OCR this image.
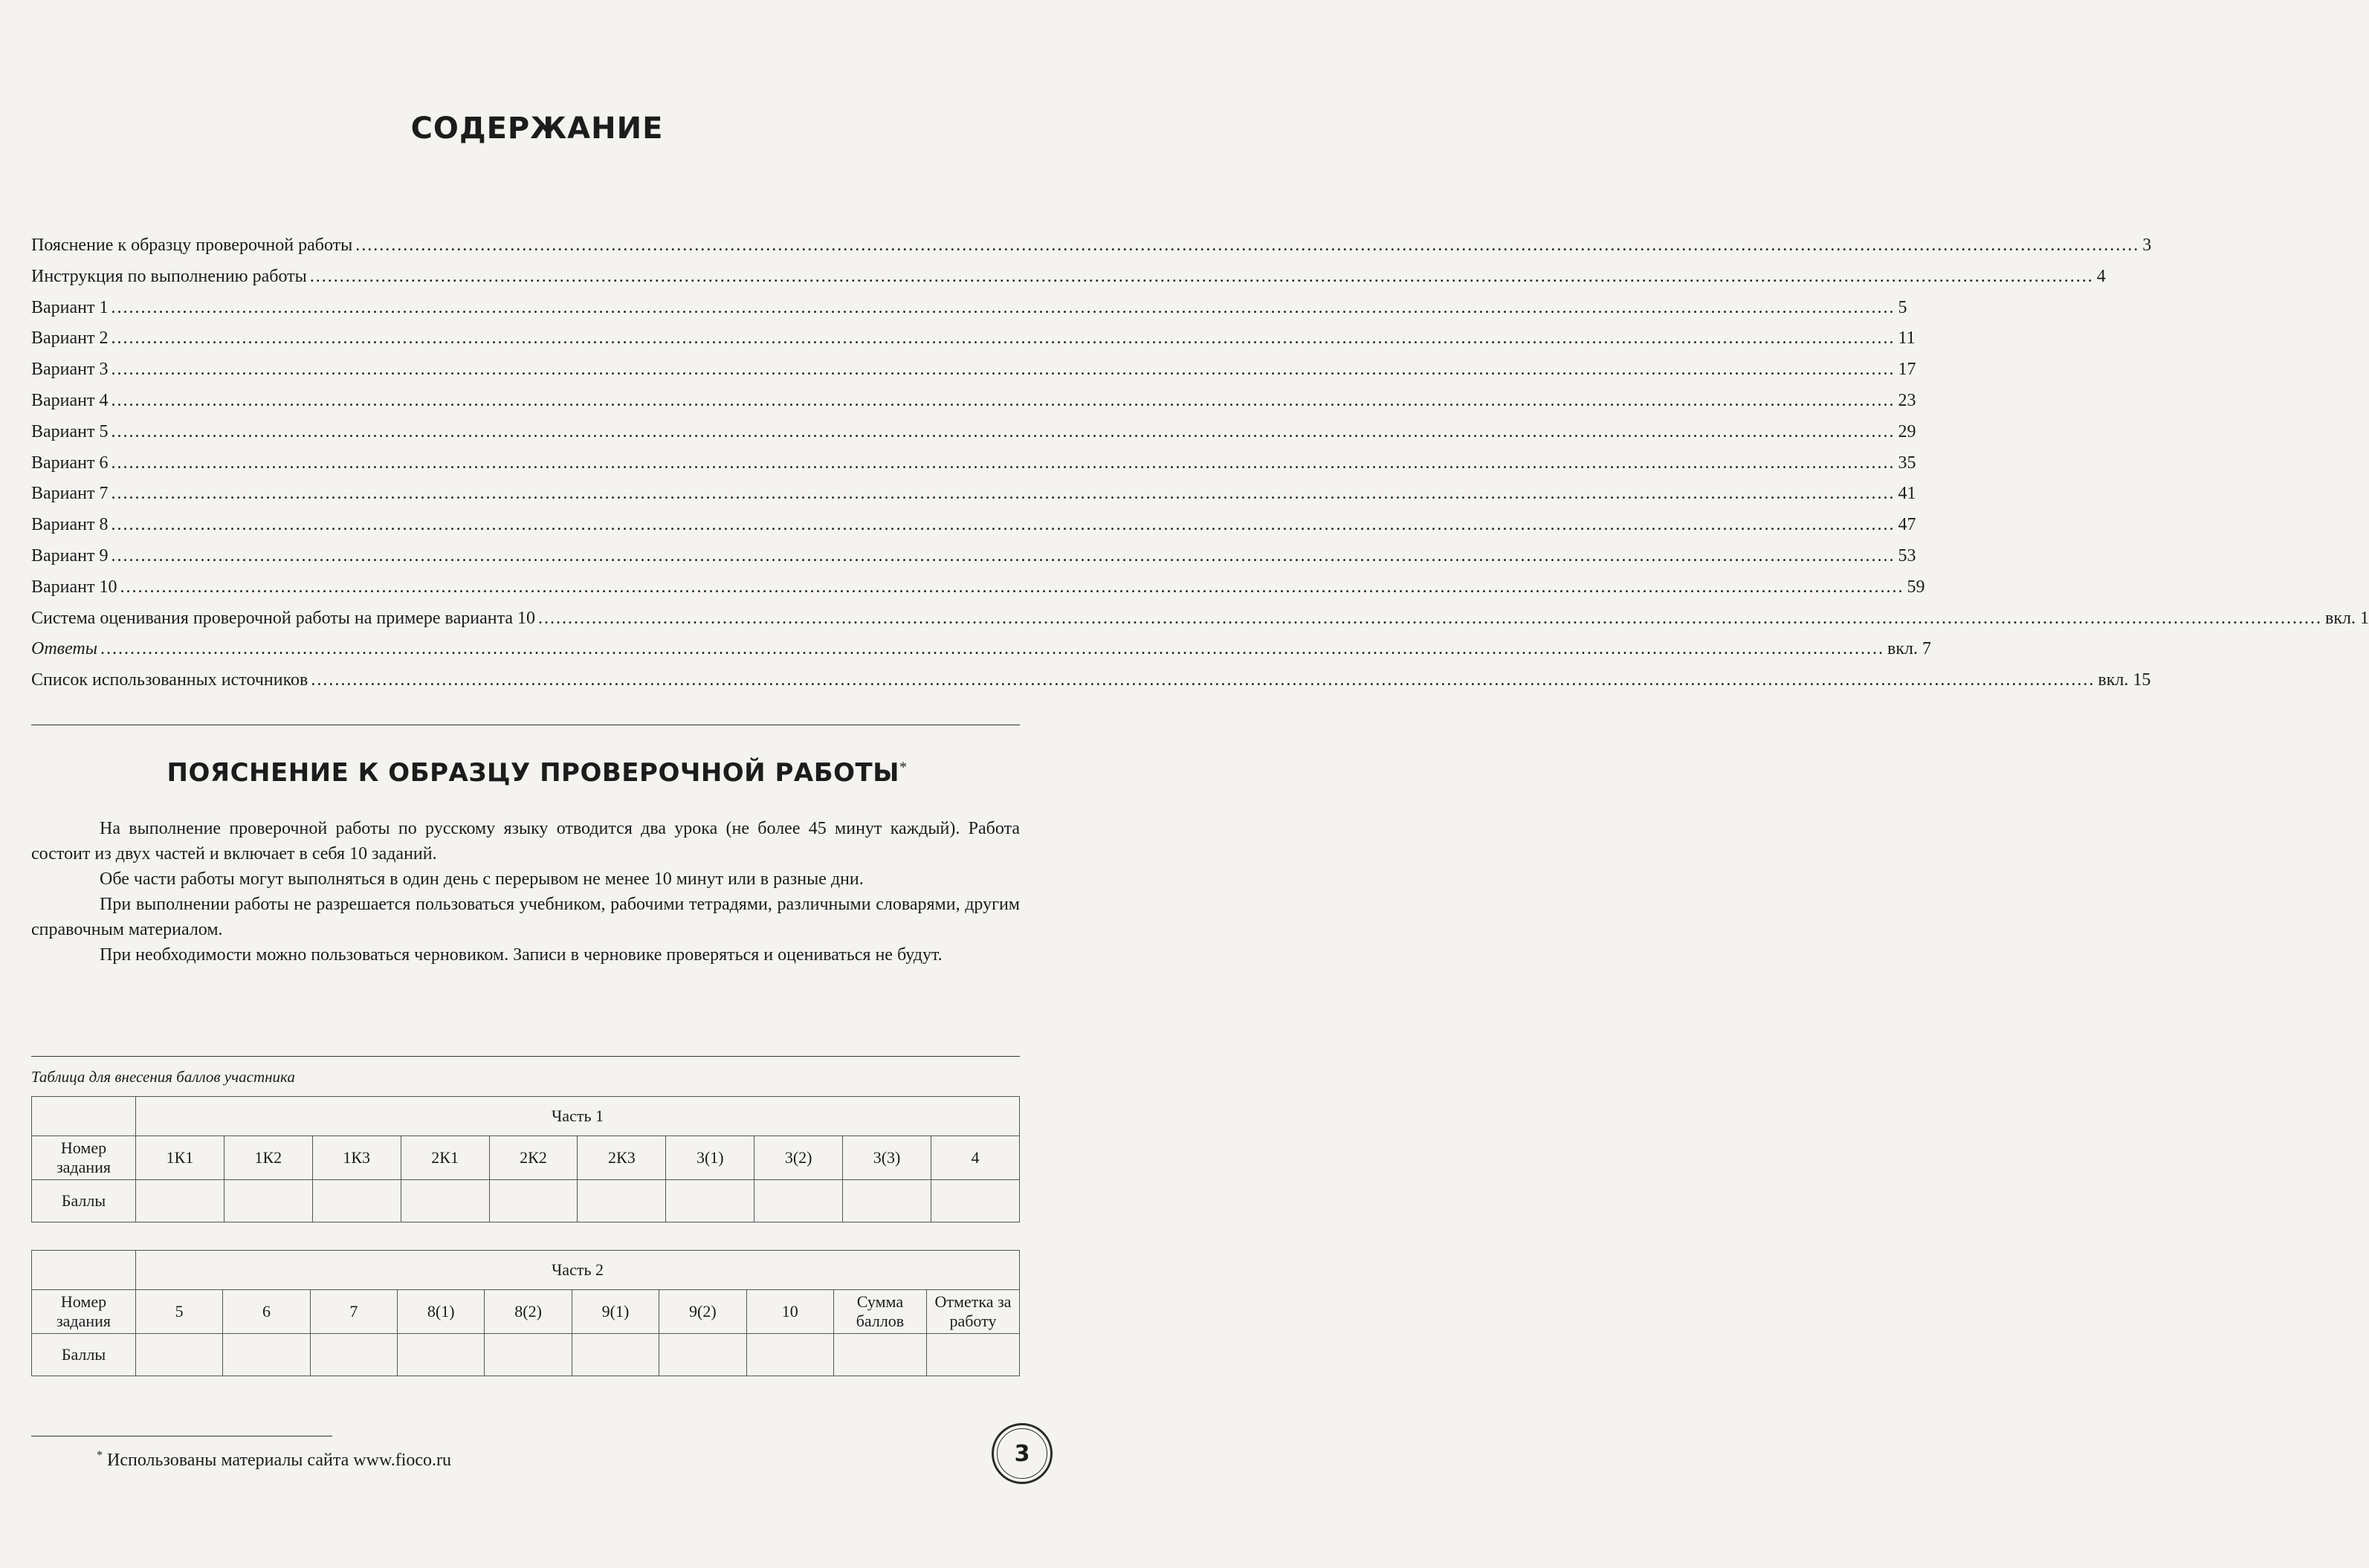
СОДЕРЖАНИЕ
Пояснение к образцу проверочной работы ............................................................................................................................................................................................................................................................................................................ 3
Инструкция по выполнению работы ............................................................................................................................................................................................................................................................................................................ 4
Вариант 1 ............................................................................................................................................................................................................................................................................................................ 5
Вариант 2 ............................................................................................................................................................................................................................................................................................................ 11
Вариант 3 ............................................................................................................................................................................................................................................................................................................ 17
Вариант 4 ............................................................................................................................................................................................................................................................................................................ 23
Вариант 5 ............................................................................................................................................................................................................................................................................................................ 29
Вариант 6 ............................................................................................................................................................................................................................................................................................................ 35
Вариант 7 ............................................................................................................................................................................................................................................................................................................ 41
Вариант 8 ............................................................................................................................................................................................................................................................................................................ 47
Вариант 9 ............................................................................................................................................................................................................................................................................................................ 53
Вариант 10 ............................................................................................................................................................................................................................................................................................................ 59
Система оценивания проверочной работы на примере варианта 10 ............................................................................................................................................................................................................................................................................................................ вкл. 1
Ответы ............................................................................................................................................................................................................................................................................................................ вкл. 7
Список использованных источников ............................................................................................................................................................................................................................................................................................................ вкл. 15
ПОЯСНЕНИЕ К ОБРАЗЦУ ПРОВЕРОЧНОЙ РАБОТЫ*
На выполнение проверочной работы по русскому языку отводится два урока (не более 45 минут каждый). Работа состоит из двух частей и включает в себя 10 заданий.
Обе части работы могут выполняться в один день с перерывом не менее 10 минут или в разные дни.
При выполнении работы не разрешается пользоваться учебником, рабочими тетрадями, различными словарями, другим справочным материалом.
При необходимости можно пользоваться черновиком. Записи в черновике проверяться и оцениваться не будут.
Таблица для внесения баллов участника
	Часть 1									
Номер задания	1К1	1К2	1К3	2К1	2К2	2К3	3(1)	3(2)	3(3)	4
Баллы										
	Часть 2									
Номер задания	5	6	7	8(1)	8(2)	9(1)	9(2)	10	Сумма баллов	Отметка за работу
Баллы										
* Использованы материалы сайта www.fioco.ru	3
